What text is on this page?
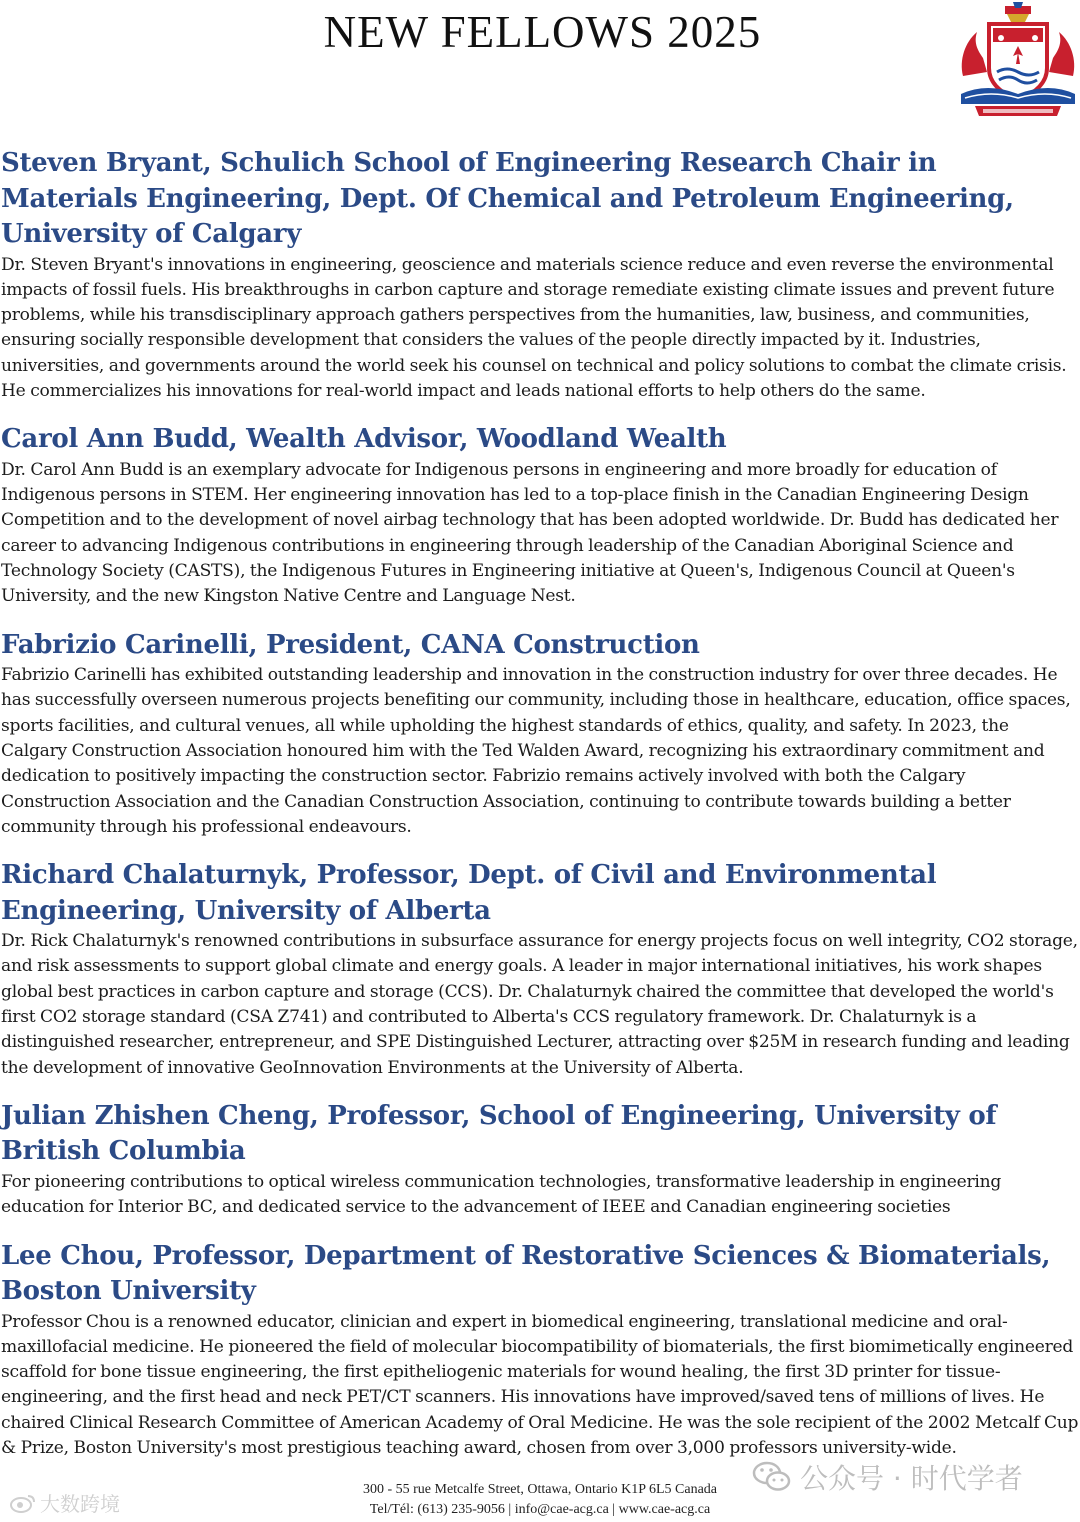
NEW FELLOWS 2025
Steven Bryant, Schulich School of Engineering Research Chair in Materials Engineering, Dept. Of Chemical and Petroleum Engineering, University of Calgary

Dr. Steven Bryant's innovations in engineering, geoscience and materials science reduce and even reverse the environmental impacts of fossil fuels. His breakthroughs in carbon capture and storage remediate existing climate issues and prevent future problems, while his transdisciplinary approach gathers perspectives from the humanities, law, business, and communities, ensuring socially responsible development that considers the values of the people directly impacted by it. Industries, universities, and governments around the world seek his counsel on technical and policy solutions to combat the climate crisis. He commercializes his innovations for real-world impact and leads national efforts to help others do the same.

Carol Ann Budd, Wealth Advisor, Woodland Wealth

Dr. Carol Ann Budd is an exemplary advocate for Indigenous persons in engineering and more broadly for education of Indigenous persons in STEM. Her engineering innovation has led to a top-place finish in the Canadian Engineering Design Competition and to the development of novel airbag technology that has been adopted worldwide. Dr. Budd has dedicated her career to advancing Indigenous contributions in engineering through leadership of the Canadian Aboriginal Science and Technology Society (CASTS), the Indigenous Futures in Engineering initiative at Queen's, Indigenous Council at Queen's University, and the new Kingston Native Centre and Language Nest.

Fabrizio Carinelli, President, CANA Construction

Fabrizio Carinelli has exhibited outstanding leadership and innovation in the construction industry for over three decades. He has successfully overseen numerous projects benefiting our community, including those in healthcare, education, office spaces, sports facilities, and cultural venues, all while upholding the highest standards of ethics, quality, and safety. In 2023, the Calgary Construction Association honoured him with the Ted Walden Award, recognizing his extraordinary commitment and dedication to positively impacting the construction sector. Fabrizio remains actively involved with both the Calgary Construction Association and the Canadian Construction Association, continuing to contribute towards building a better community through his professional endeavours.

Richard Chalaturnyk, Professor, Dept. of Civil and Environmental Engineering, University of Alberta

Dr. Rick Chalaturnyk's renowned contributions in subsurface assurance for energy projects focus on well integrity, CO2 storage, and risk assessments to support global climate and energy goals. A leader in major international initiatives, his work shapes global best practices in carbon capture and storage (CCS). Dr. Chalaturnyk chaired the committee that developed the world's first CO2 storage standard (CSA Z741) and contributed to Alberta's CCS regulatory framework. Dr. Chalaturnyk is a distinguished researcher, entrepreneur, and SPE Distinguished Lecturer, attracting over $25M in research funding and leading the development of innovative GeoInnovation Environments at the University of Alberta.

Julian Zhishen Cheng, Professor, School of Engineering, University of British Columbia

For pioneering contributions to optical wireless communication technologies, transformative leadership in engineering education for Interior BC, and dedicated service to the advancement of IEEE and Canadian engineering societies

Lee Chou, Professor, Department of Restorative Sciences & Biomaterials, Boston University

Professor Chou is a renowned educator, clinician and expert in biomedical engineering, translational medicine and oral-maxillofacial medicine. He pioneered the field of molecular biocompatibility of biomaterials, the first biomimetically engineered scaffold for bone tissue engineering, the first epitheliogenic materials for wound healing, the first 3D printer for tissue-engineering, and the first head and neck PET/CT scanners. His innovations have improved/saved tens of millions of lives. He chaired Clinical Research Committee of American Academy of Oral Medicine. He was the sole recipient of the 2002 Metcalf Cup & Prize, Boston University's most prestigious teaching award, chosen from over 3,000 professors university-wide.

大数跨境
公众号 · 时代学者
300 - 55 rue Metcalfe Street, Ottawa, Ontario K1P 6L5 Canada
Tel/Tél: (613) 235-9056 | info@cae-acg.ca | www.cae-acg.ca
